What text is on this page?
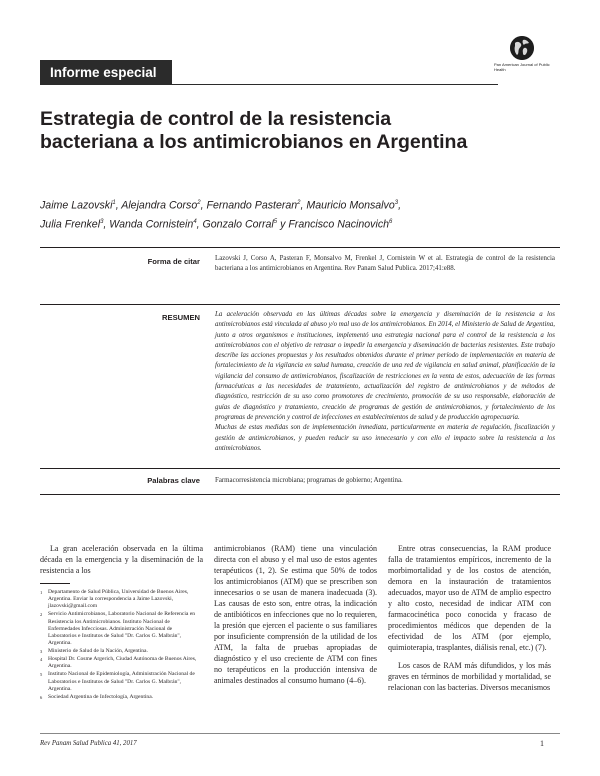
Informe especial
Pan American Journal of Public Health
Estrategia de control de la resistencia bacteriana a los antimicrobianos en Argentina
Jaime Lazovski$^1$, Alejandra Corso$^2$, Fernando Pasteran$^2$, Mauricio Monsalvo$^3$,
Julia Frenkel$^3$, Wanda Cornistein$^4$, Gonzalo Corral$^5$ y Francisco Nacinovich$^6$
Forma de citar Lazovski J, Corso A, Pasteran F, Monsalvo M, Frenkel J, Cornistein W et al. Estrategia de control de la resistencia bacteriana a los antimicrobianos en Argentina. Rev Panam Salud Publica. 2017;41:e88.
RESUMEN La aceleración observada en las últimas décadas sobre la emergencia y diseminación de la resistencia a los antimicrobianos está vinculada al abuso y/o mal uso de los antimicrobianos. En 2014, el Ministerio de Salud de Argentina, junto a otros organismos e instituciones, implementó una estrategia nacional para el control de la resistencia a los antimicrobianos con el objetivo de retrasar o impedir la emergencia y diseminación de bacterias resistentes. Este trabajo describe las acciones propuestas y los resultados obtenidos durante el primer período de implementación en materia de fortalecimiento de la vigilancia en salud humana, creación de una red de vigilancia en salud animal, planificación de la vigilancia del consumo de antimicrobianos, fiscalización de restricciones en la venta de estos, adecuación de las formas farmacéuticas a las necesidades de tratamiento, actualización del registro de antimicrobianos y de métodos de diagnóstico, restricción de su uso como promotores de crecimiento, promoción de su uso responsable, elaboración de guías de diagnóstico y tratamiento, creación de programas de gestión de antimicrobianos, y fortalecimiento de los programas de prevención y control de infecciones en establecimientos de salud y de producción agropecuaria.

Muchas de estas medidas son de implementación inmediata, particularmente en materia de regulación, fiscalización y gestión de antimicrobianos, y pueden reducir su uso innecesario y con ello el impacto sobre la resistencia a los antimicrobianos.

Palabras clave Farmacorresistencia microbiana; programas de gobierno; Argentina.

La gran aceleración observada en la última década en la emergencia y la diseminación de la resistencia a los

1	Departamento de Salud Pública, Universidad de Buenos Aires, Argentina. Enviar la correspondencia a Jaime Lazovski, jlazovski@gmail.com
2	Servicio Antimicrobianos, Laboratorio Nacional de Referencia en Resistencia los Antimicrobianos. Instituto Nacional de Enfermedades Infecciosas. Administración Nacional de Laboratorios e Institutos de Salud "Dr. Carlos G. Malbrán", Argentina.
3	Ministerio de Salud de la Nación, Argentina.
4	Hospital Dr. Cosme Argerich, Ciudad Autónoma de Buenos Aires, Argentina.
5	Instituto Nacional de Epidemiología, Administración Nacional de Laboratorios e Institutos de Salud "Dr. Carlos G. Malbrán", Argentina.
6	Sociedad Argentina de Infectología, Argentina.

antimicrobianos (RAM) tiene una vinculación directa con el abuso y el mal uso de estos agentes terapéuticos (1, 2). Se estima que 50% de todos los antimicrobianos (ATM) que se prescriben son innecesarios o se usan de manera inadecuada (3). Las causas de esto son, entre otras, la indicación de antibióticos en infecciones que no lo requieren, la presión que ejercen el paciente o sus familiares por insuficiente comprensión de la utilidad de los ATM, la falta de pruebas apropiadas de diagnóstico y el uso creciente de ATM con fines no terapéuticos en la producción intensiva de animales destinados al consumo humano (4–6).

Entre otras consecuencias, la RAM produce falla de tratamientos empíricos, incremento de la morbimortalidad y de los costos de atención, demora en la instauración de tratamientos adecuados, mayor uso de ATM de amplio espectro y alto costo, necesidad de indicar ATM con farmacocinética poco conocida y fracaso de procedimientos médicos que dependen de la efectividad de los ATM (por ejemplo, quimioterapia, trasplantes, diálisis renal, etc.) (7).

Los casos de RAM más difundidos, y los más graves en términos de morbilidad y mortalidad, se relacionan con las bacterias. Diversos mecanismos

Rev Panam Salud Publica 41, 2017	1
